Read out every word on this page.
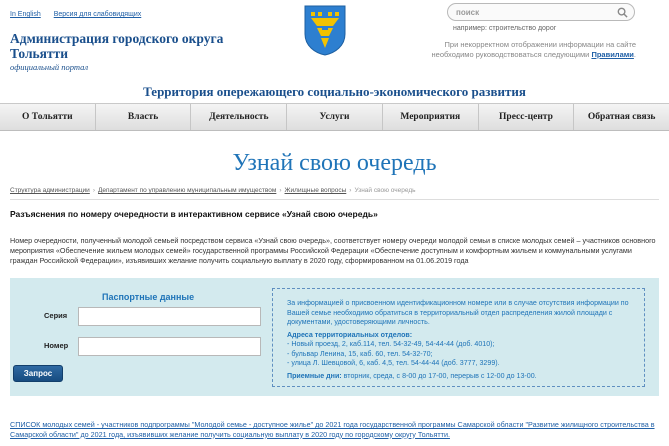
In English Версия для слабовидящих
Администрация городского округа Тольятти
официальный портал
поиск
например: строительство дорог
При некорректном отображении информации на сайте необходимо руководствоваться следующими Правилами.
Территория опережающего социально-экономического развития
О Тольятти	Власть	Деятельность	Услуги	Мероприятия	Пресс-центр	Обратная связь
Узнай свою очередь
Структура администрации › Департамент по управлению муниципальным имуществом › Жилищные вопросы › Узнай свою очередь
Разъяснения по номеру очередности в интерактивном сервисе «Узнай свою очередь»
Номер очередности, полученный молодой семьей посредством сервиса «Узнай свою очередь», соответствует номеру очереди молодой семьи в списке молодых семей – участников основного мероприятия «Обеспечение жильем молодых семей» государственной программы Российской Федерации «Обеспечение доступным и комфортным жильем и коммунальными услугами граждан Российской Федерации», изъявивших желание получить социальную выплату в 2020 году, сформированном на 01.06.2019 года
Паспортные данные
Серия
Номер
Запрос

За информацией о присвоенном идентификационном номере или в случае отсутствия информации по Вашей семье необходимо обратиться в территориальный отдел распределения жилой площади с документами, удостоверяющими личность.

Адреса территориальных отделов:

- Новый проезд, 2, каб.114, тел. 54-32-49, 54-44-44 (доб. 4010);

- бульвар Ленина, 15, каб. 60, тел. 54-32-70;

- улица Л. Шевцовой, 6, каб. 4,5, тел. 54-44-44 (доб. 3777, 3299).

Приемные дни: вторник, среда, с 8-00 до 17-00, перерыв с 12-00 до 13-00.

СПИСОК молодых семей - участников подпрограммы "Молодой семье - доступное жилье" до 2021 года государственной программы Самарской области "Развитие жилищного строительства в Самарской области" до 2021 года, изъявивших желание получить социальную выплату в 2020 году по городскому округу Тольятти.
